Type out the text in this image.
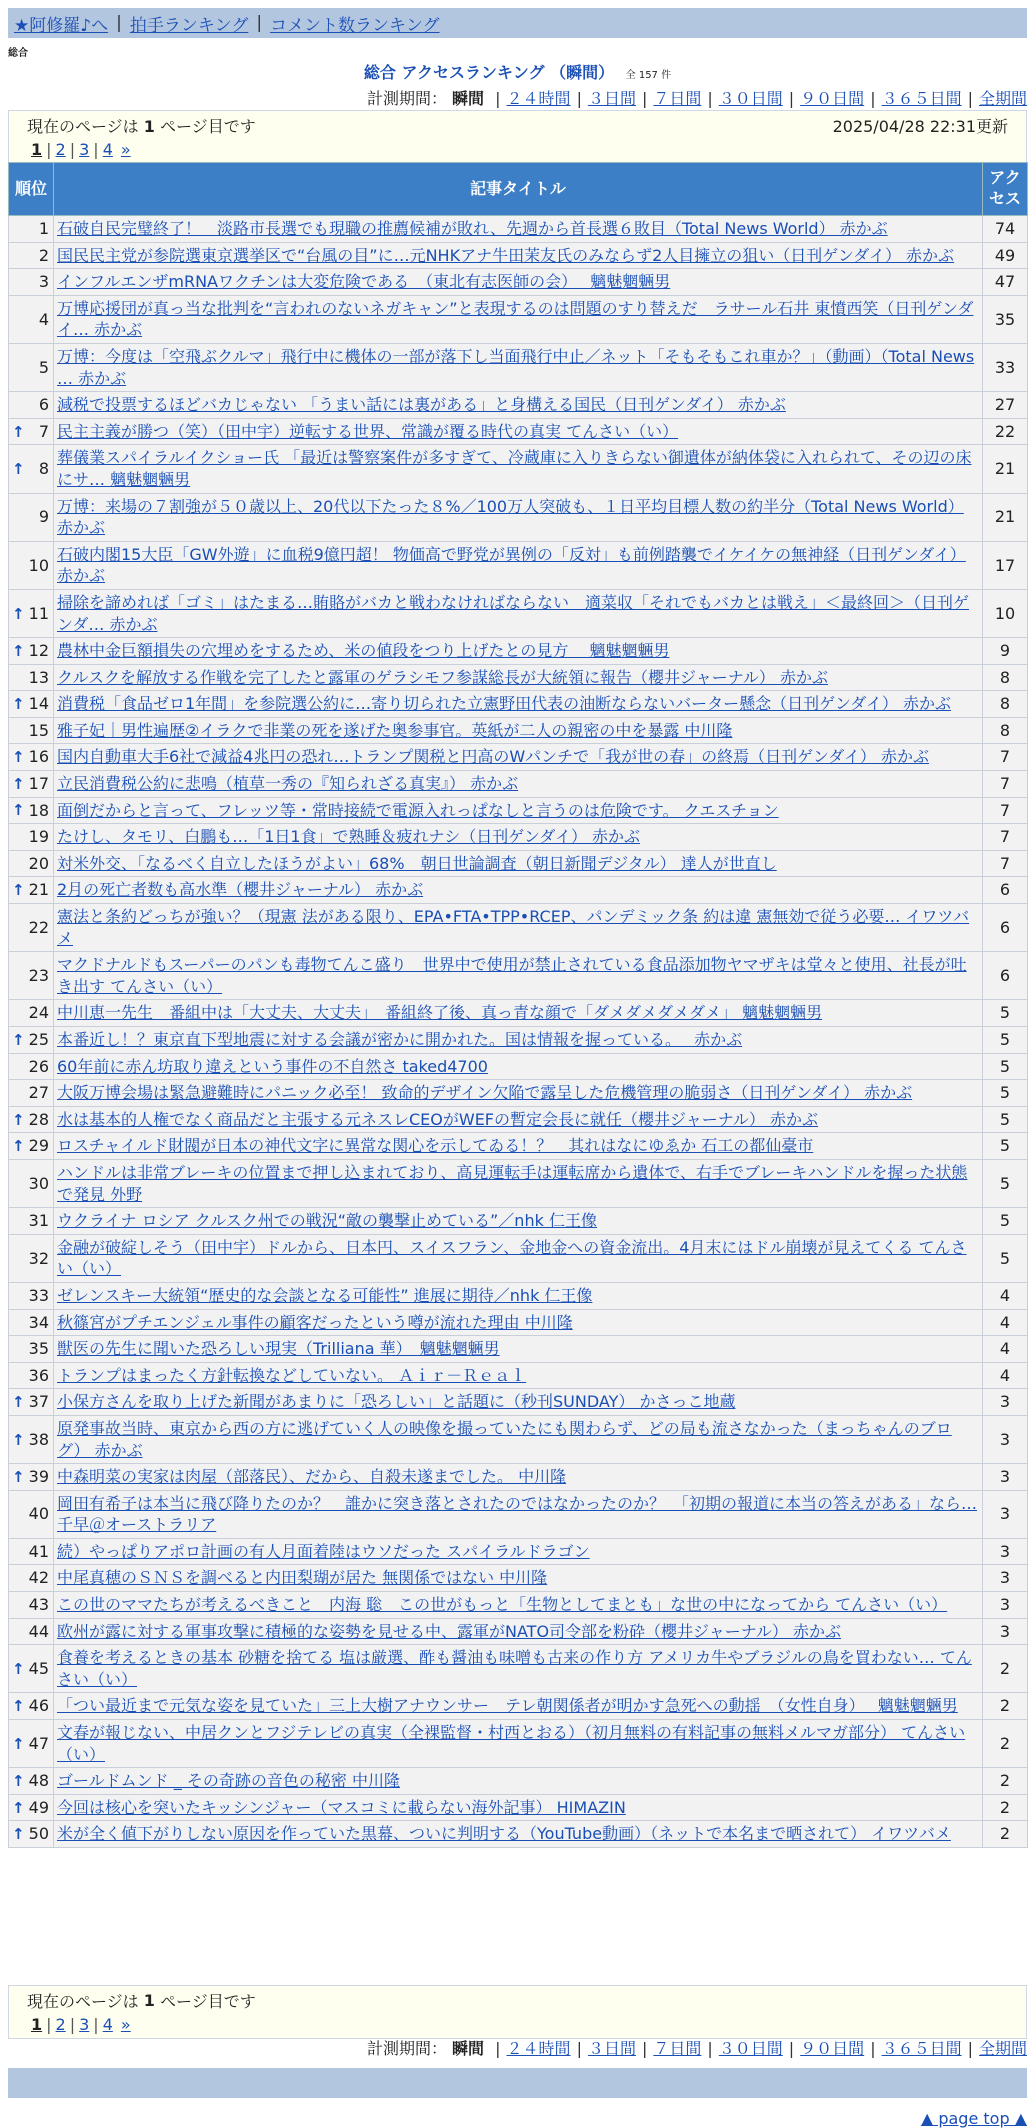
★阿修羅♪へ | 拍手ランキング | コメント数ランキング
総合
総合 アクセスランキング （瞬間） 全 157 件
計測期間： 瞬間 | ２４時間 | ３日間 | ７日間 | ３０日間 | ９０日間 | ３６５日間 | 全期間
現在のページは 1 ページ目です	2025/04/28 22:31更新
1 | 2 | 3 | 4 »
順位	記事タイトル	アクセス
1	石破自民完璧終了！　淡路市長選でも現職の推薦候補が敗れ、先週から首長選６敗目（Total News World） 赤かぶ	74
2	国民民主党が参院選東京選挙区で“台風の目”に…元NHKアナ牛田茉友氏のみならず2人目擁立の狙い（日刊ゲンダイ） 赤かぶ	49
3	インフルエンザmRNAワクチンは大変危険である　（東北有志医師の会）　 魑魅魍魎男	47
4	万博応援団が真っ当な批判を“言われのないネガキャン”と表現するのは問題のすり替えだ　ラサール石井 東憤西笑（日刊ゲンダイ… 赤かぶ	35
5	万博：今度は「空飛ぶクルマ」飛行中に機体の一部が落下し当面飛行中止／ネット「そもそもこれ車か？」（動画）（Total News … 赤かぶ	33
6	減税で投票するほどバカじゃない 「うまい話には裏がある」と身構える国民（日刊ゲンダイ） 赤かぶ	27

↑ 7	民主主義が勝つ（笑）（田中宇）逆転する世界、常識が覆る時代の真実 てんさい（い）	22

↑ 8	葬儀業スパイラルイクショー氏 「最近は警察案件が多すぎて、冷蔵庫に入りきらない御遺体が納体袋に入れられて、その辺の床にサ… 魑魅魍魎男	21
9	万博：来場の７割強が５０歳以上、20代以下たった８%／100万人突破も、１日平均目標人数の約半分（Total News World） 赤かぶ	21
10	石破内閣15大臣「GW外遊」に血税9億円超！ 物価高で野党が異例の「反対」も前例踏襲でイケイケの無神経（日刊ゲンダイ） 赤かぶ	17

↑ 11	掃除を諦めれば「ゴミ」はたまる…賄賂がバカと戦わなければならない　適菜収「それでもバカとは戦え」＜最終回＞（日刊ゲンダ… 赤かぶ	10

↑ 12	農林中金巨額損失の穴埋めをするため、米の値段をつり上げたとの見方　 魑魅魍魎男	9
13	クルスクを解放する作戦を完了したと露軍のゲラシモフ参謀総長が大統領に報告（櫻井ジャーナル） 赤かぶ	8

↑ 14	消費税「食品ゼロ1年間」を参院選公約に…寄り切られた立憲野田代表の油断ならないバーター懸念（日刊ゲンダイ） 赤かぶ	8
15	雅子妃｜男性遍歴②イラクで非業の死を遂げた奥参事官。英紙が二人の親密の中を暴露 中川隆	8

↑ 16	国内自動車大手6社で減益4兆円の恐れ…トランプ関税と円高のWパンチで「我が世の春」の終焉（日刊ゲンダイ） 赤かぶ	7

↑ 17	立民消費税公約に悲鳴（植草一秀の『知られざる真実』） 赤かぶ	7

↑ 18	面倒だからと言って、フレッツ等・常時接続で電源入れっぱなしと言うのは危険です。 クエスチョン	7
19	たけし、タモリ、白鵬も…「1日1食」で熟睡＆疲れナシ（日刊ゲンダイ） 赤かぶ	7
20	対米外交、「なるべく自立したほうがよい」68%　朝日世論調査（朝日新聞デジタル） 達人が世直し	7

↑ 21	2月の死亡者数も高水準（櫻井ジャーナル） 赤かぶ	6
22	憲法と条約どっちが強い？（現憲 法がある限り、EPA•FTA•TPP•RCEP、パンデミック条 約は違 憲無効で従う必要… イワツバメ	6
23	マクドナルドもスーパーのパンも毒物てんこ盛り　世界中で使用が禁止されている食品添加物ヤマザキは堂々と使用、社長が吐き出す てんさい（い）	6
24	中川恵一先生　番組中は「大丈夫、大丈夫」　番組終了後、真っ青な顔で「ダメダメダメダメ」 魑魅魍魎男	5

↑ 25	本番近し！？東京直下型地震に対する会議が密かに開かれた。国は情報を握っている。　 赤かぶ	5
26	60年前に赤ん坊取り違えという事件の不自然さ taked4700	5
27	大阪万博会場は緊急避難時にパニック必至！ 致命的デザイン欠陥で露呈した危機管理の脆弱さ（日刊ゲンダイ） 赤かぶ	5

↑ 28	水は基本的人権でなく商品だと主張する元ネスレCEOがWEFの暫定会長に就任（櫻井ジャーナル） 赤かぶ	5

↑ 29	ロスチャイルド財閥が日本の神代文字に異常な関心を示してゐる！？　其れはなにゆゑか 石工の都仙臺市	5
30	ハンドルは非常ブレーキの位置まで押し込まれており、高見運転手は運転席から遺体で、右手でブレーキハンドルを握った状態で発見 外野	5
31	ウクライナ ロシア クルスク州での戦況“敵の襲撃止めている”／nhk 仁王像	5
32	金融が破綻しそう（田中宇）ドルから、日本円、スイスフラン、金地金への資金流出。4月末にはドル崩壊が見えてくる てんさい（い）	5
33	ゼレンスキー大統領“歴史的な会談となる可能性” 進展に期待／nhk 仁王像	4
34	秋篠宮がプチエンジェル事件の顧客だったという噂が流れた理由 中川隆	4
35	獣医の先生に聞いた恐ろしい現実（Trilliana 華）　魑魅魍魎男	4
36	トランプはまったく方針転換などしていない。 Ａｉｒ－Ｒｅａｌ	4

↑ 37	小保方さんを取り上げた新聞があまりに「恐ろしい」と話題に（秒刊SUNDAY） かさっこ地蔵	3

↑ 38	原発事故当時、東京から西の方に逃げていく人の映像を撮っていたにも関わらず、どの局も流さなかった（まっちゃんのブログ） 赤かぶ	3

↑ 39	中森明菜の実家は肉屋（部落民）、だから、自殺未遂までした。 中川隆	3
40	岡田有希子は本当に飛び降りたのか？　誰かに突き落とされたのではなかったのか？　「初期の報道に本当の答えがある」なら… 千早＠オーストラリア	3
41	続）やっぱりアポロ計画の有人月面着陸はウソだった スパイラルドラゴン	3
42	中尾真穂のＳＮＳを調べると内田梨瑚が居た 無関係ではない 中川隆	3
43	この世のママたちが考えるべきこと　内海 聡　この世がもっと「生物としてまとも」な世の中になってから てんさい（い）	3
44	欧州が露に対する軍事攻撃に積極的な姿勢を見せる中、露軍がNATO司令部を粉砕（櫻井ジャーナル） 赤かぶ	3

↑ 45	食養を考えるときの基本 砂糖を捨てる 塩は厳選、酢も醤油も味噌も古来の作り方 アメリカ牛やブラジルの鳥を買わない… てんさい（い）	2

↑ 46	「つい最近まで元気な姿を見ていた」三上大樹アナウンサー　テレ朝関係者が明かす急死への動揺　（女性自身）　 魑魅魍魎男	2

↑ 47	文春が報じない、中居クンとフジテレビの真実（全裸監督・村西とおる）（初月無料の有料記事の無料メルマガ部分） てんさい（い）	2

↑ 48	ゴールドムンド _ その奇跡の音色の秘密 中川隆	2

↑ 49	今回は核心を突いたキッシンジャー（マスコミに載らない海外記事） HIMAZIN	2

↑ 50	米が全く値下がりしない原因を作っていた黒幕、ついに判明する（YouTube動画）（ネットで本名まで晒されて） イワツバメ	2
現在のページは
1
ページ目です
1 | 2 | 3 | 4 »
計測期間： 瞬間 | ２４時間 | ３日間 | ７日間 | ３０日間 | ９０日間 | ３６５日間 | 全期間
▲ page top ▲
